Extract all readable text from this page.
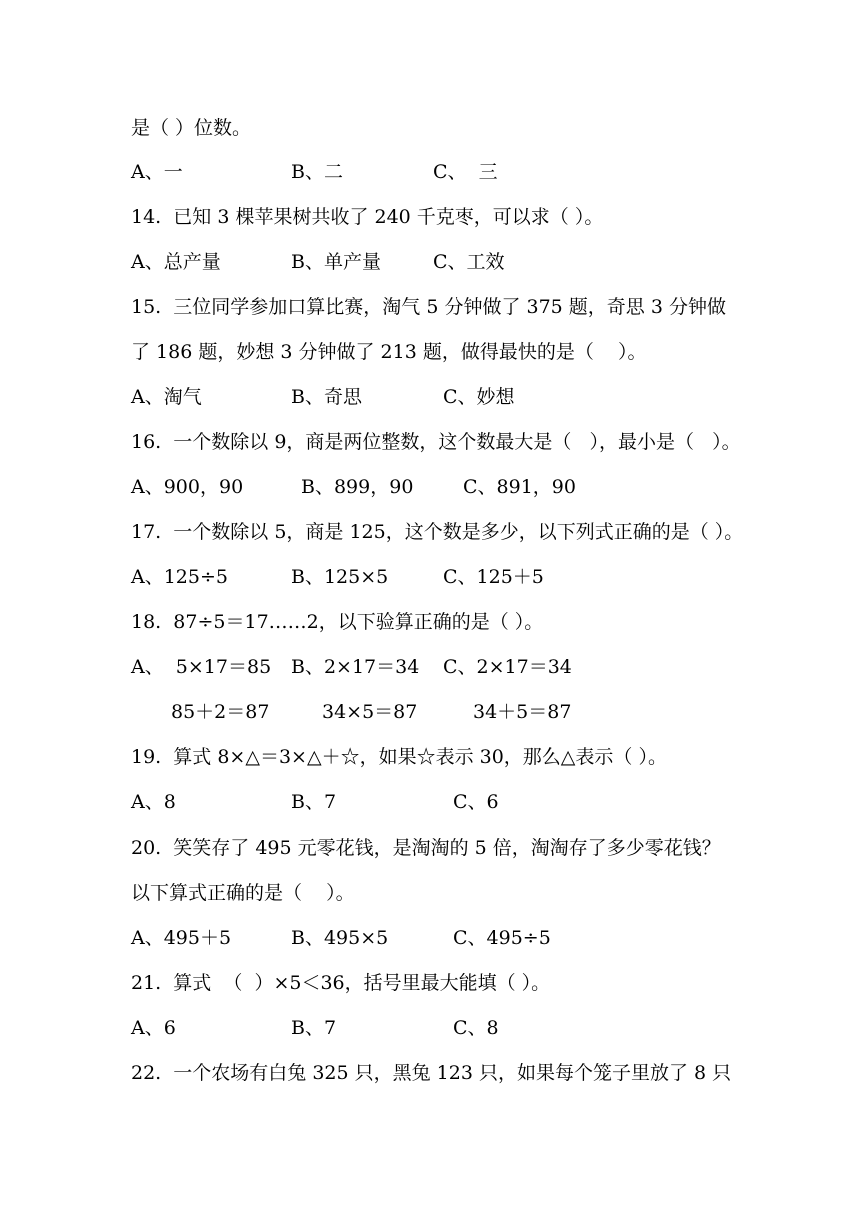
是（ ）位数。
A、一	B、二	C、  三
14.  已知 3 棵苹果树共收了 240 千克枣，可以求（ ）。
A、总产量	B、单产量	C、工效
15.  三位同学参加口算比赛，淘气 5 分钟做了 375 题，奇思 3 分钟做
了 186 题，妙想 3 分钟做了 213 题，做得最快的是（    ）。
A、淘气	B、奇思	C、妙想
16.  一个数除以 9，商是两位整数，这个数最大是（   ），最小是（   ）。
A、900，90	B、899，90	C、891，90
17.  一个数除以 5，商是 125，这个数是多少，以下列式正确的是（ ）。
A、125÷5	B、125×5	C、125＋5
18.  87÷5＝17……2，以下验算正确的是（ ）。
A、  5×17＝85 B、2×17＝34 C、2×17＝34
85＋2＝87	34×5＝87	34＋5＝87
19.  算式 8×△＝3×△＋☆，如果☆表示 30，那么△表示（ ）。
A、8	B、7	C、6
20.  笑笑存了 495 元零花钱，是淘淘的 5 倍，淘淘存了多少零花钱？
以下算式正确的是（    ）。
A、495＋5	B、495×5	C、495÷5
21.  算式  （  ）×5＜36，括号里最大能填（ ）。
A、6	B、7	C、8
22.  一个农场有白兔 325 只，黑兔 123 只，如果每个笼子里放了 8 只
